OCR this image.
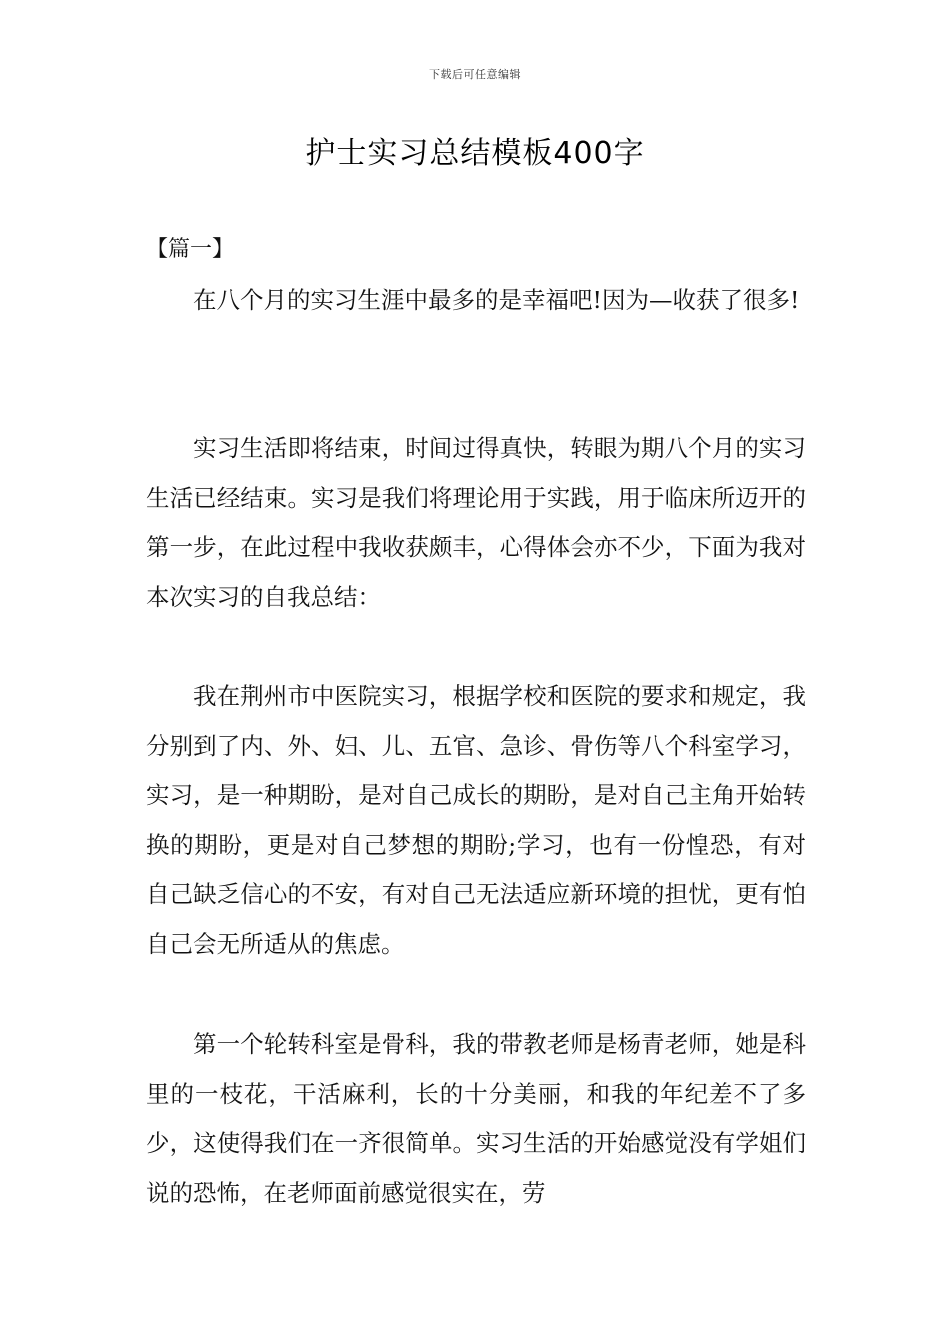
下载后可任意编辑
护士实习总结模板400字
【篇一】

在八个月的实习生涯中最多的是幸福吧!因为—收获了很多!

实习生活即将结束，时间过得真快，转眼为期八个月的实习生活已经结束。实习是我们将理论用于实践，用于临床所迈开的第一步，在此过程中我收获颇丰，心得体会亦不少，下面为我对本次实习的自我总结：

我在荆州市中医院实习，根据学校和医院的要求和规定，我分别到了内、外、妇、儿、五官、急诊、骨伤等八个科室学习，实习，是一种期盼，是对自己成长的期盼，是对自己主角开始转换的期盼，更是对自己梦想的期盼;学习，也有一份惶恐，有对自己缺乏信心的不安，有对自己无法适应新环境的担忧，更有怕自己会无所适从的焦虑。

第一个轮转科室是骨科，我的带教老师是杨青老师，她是科里的一枝花，干活麻利，长的十分美丽，和我的年纪差不了多少，这使得我们在一齐很简单。实习生活的开始感觉没有学姐们说的恐怖，在老师面前感觉很实在，劳
